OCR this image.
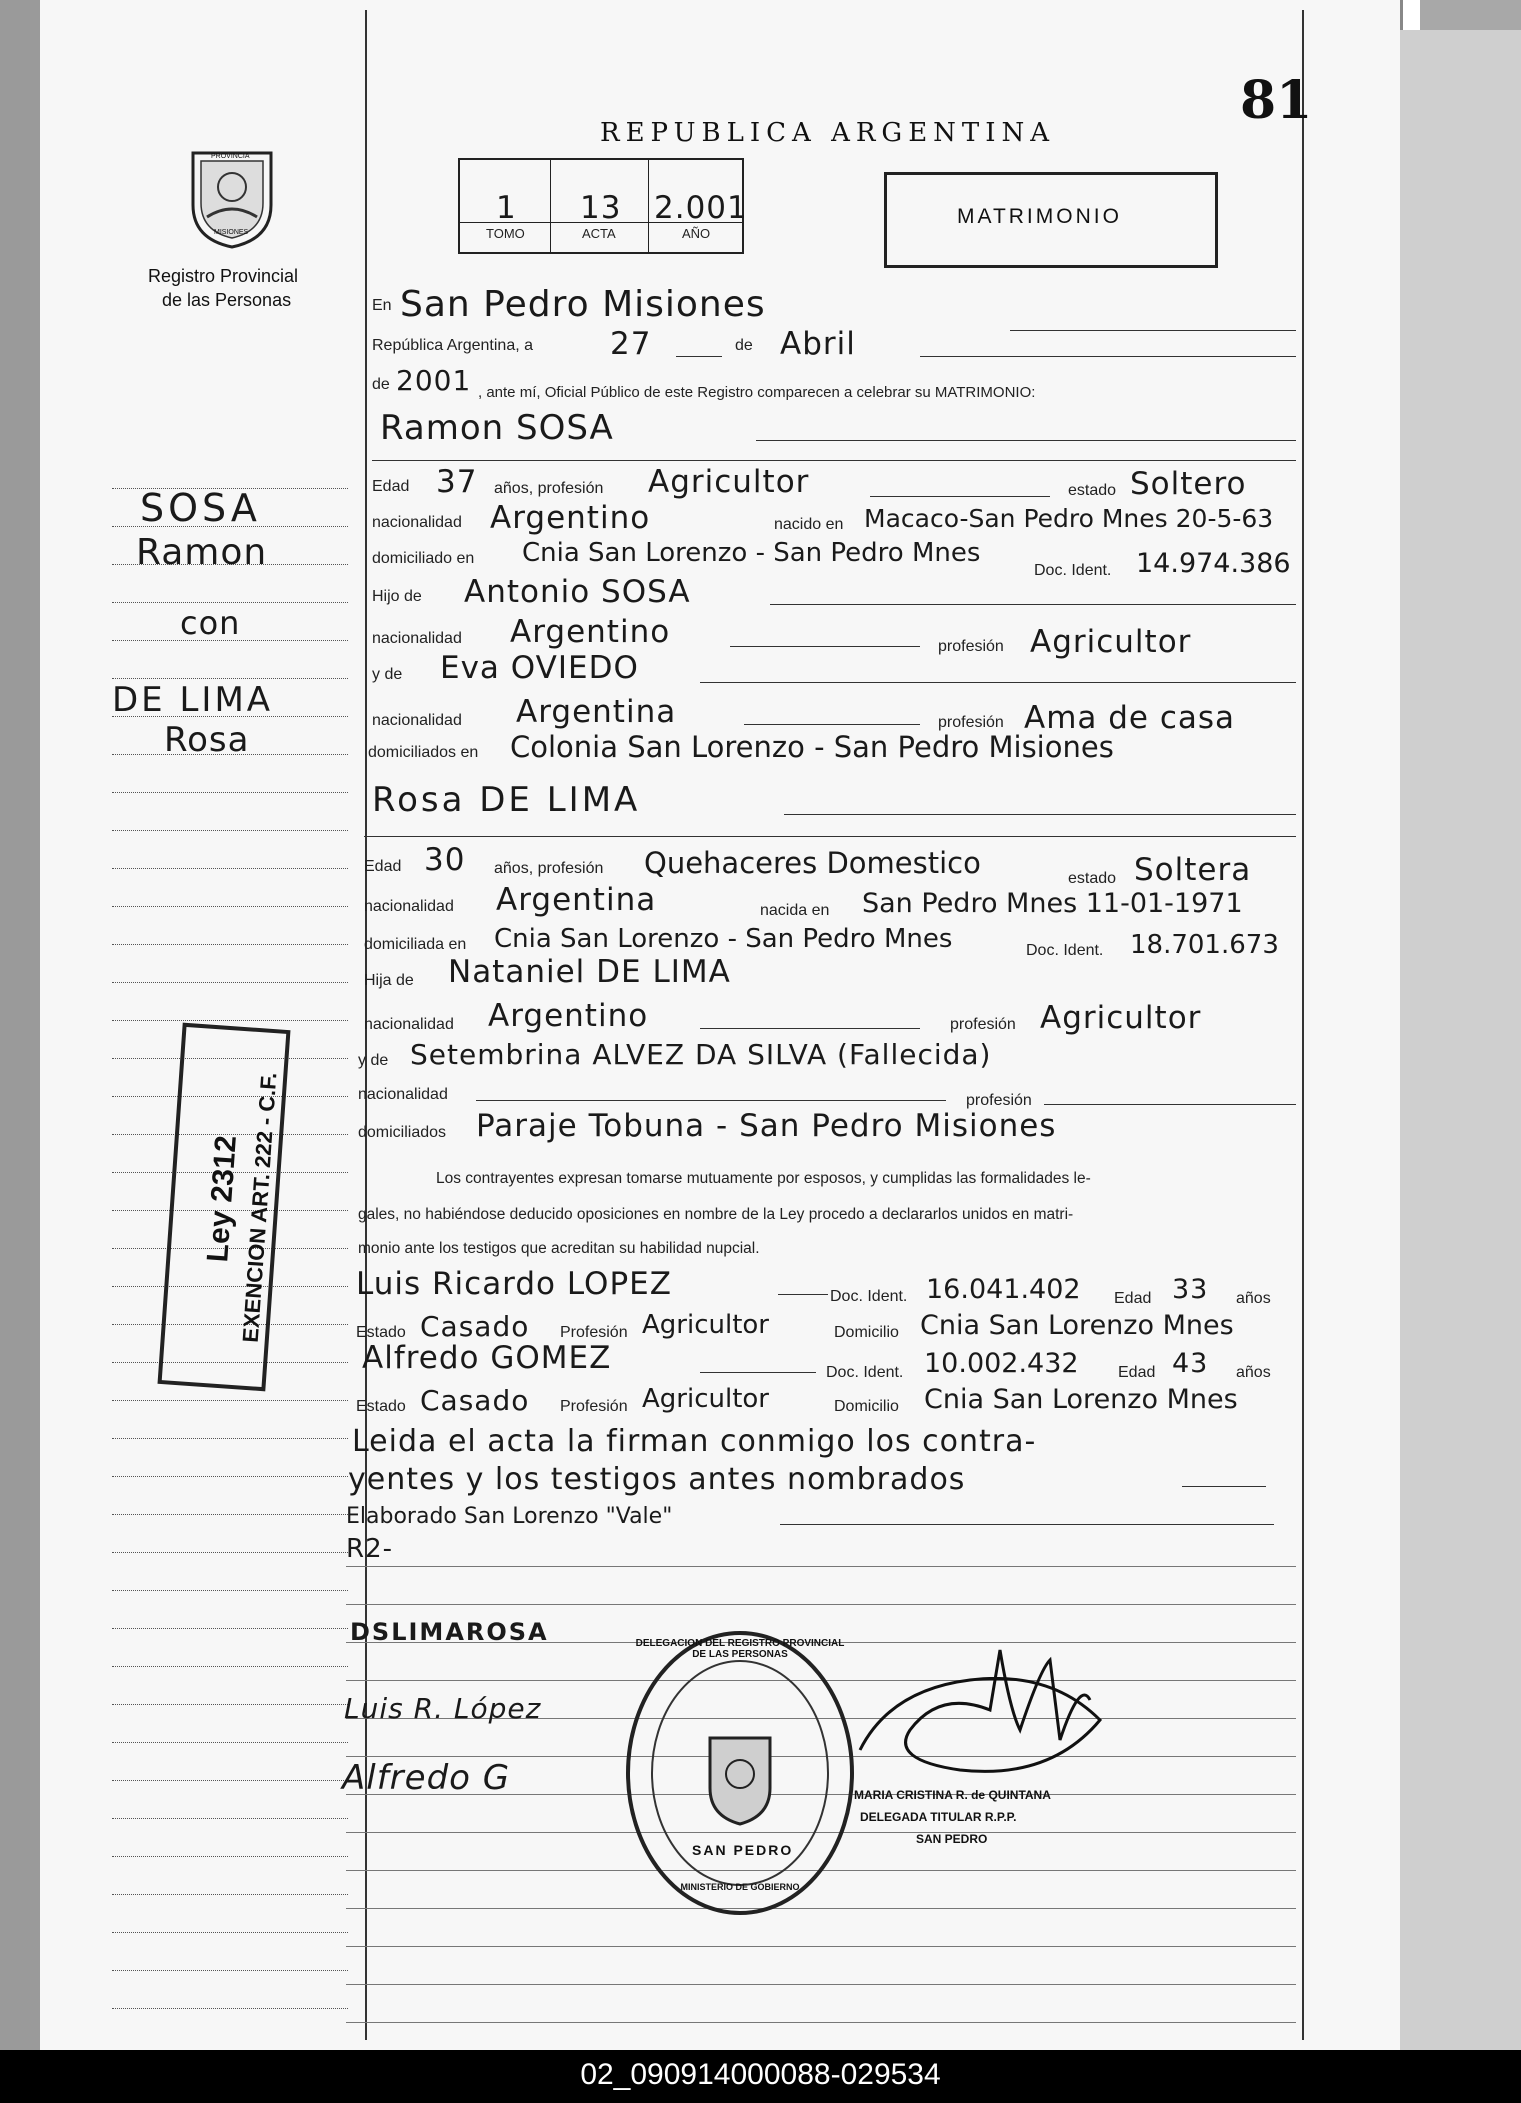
81
REPUBLICA ARGENTINA
PROVINCIA
MISIONES
Registro Provincial
de las Personas
1
TOMO
13
ACTA
2.001
AÑO
MATRIMONIO
En San Pedro Misiones
República Argentina, a 27	de Abril
de 2001 , ante mí, Oficial Público de este Registro comparecen a celebrar su MATRIMONIO:
Ramon SOSA
Edad 37 años, profesión Agricultor	estado Soltero
nacionalidad Argentino	nacido en Macaco-San Pedro Mnes 20-5-63
domiciliado en Cnia San Lorenzo - San Pedro Mnes
Doc. Ident. 14.974.386
Hijo de Antonio SOSA
nacionalidad Argentino	profesión Agricultor
y de Eva OVIEDO
nacionalidad Argentina	profesión Ama de casa
domiciliados en Colonia San Lorenzo - San Pedro Misiones
Rosa DE LIMA
Edad 30 años, profesión Quehaceres Domestico	estado Soltera
nacionalidad Argentina	nacida en San Pedro Mnes 11-01-1971
domiciliada en Cnia San Lorenzo - San Pedro Mnes	Doc. Ident. 18.701.673
Hija de Nataniel DE LIMA
nacionalidad Argentino	profesión Agricultor
y de Setembrina ALVEZ DA SILVA (Fallecida)
nacionalidad	profesión
domiciliados Paraje Tobuna - San Pedro Misiones
Los contrayentes expresan tomarse mutuamente por esposos, y cumplidas las formalidades le-
gales, no habiéndose deducido oposiciones en nombre de la Ley procedo a declararlos unidos en matri-
monio ante los testigos que acreditan su habilidad nupcial.
Luis Ricardo LOPEZ	Doc. Ident. 16.041.402 Edad 33 años
Estado Casado Profesión Agricultor	Domicilio Cnia San Lorenzo Mnes
Alfredo GOMEZ	Doc. Ident. 10.002.432 Edad 43 años
Estado Casado Profesión Agricultor	Domicilio Cnia San Lorenzo Mnes
Leida el acta la firman conmigo los contra-
yentes y los testigos antes nombrados
Elaborado San Lorenzo "Vale"
R2-
DSLIMAROSA
Luis R. López
Alfredo G
DELEGACION DEL REGISTRO PROVINCIAL DE LAS PERSONAS
SAN PEDRO
MINISTERIO DE GOBIERNO
MARIA CRISTINA R. de QUINTANA
DELEGADA TITULAR R.P.P.
SAN PEDRO
SOSA
Ramon
con
DE LIMA
Rosa
Ley 2312
EXENCION ART. 222 - C.F.
02_090914000088-029534
